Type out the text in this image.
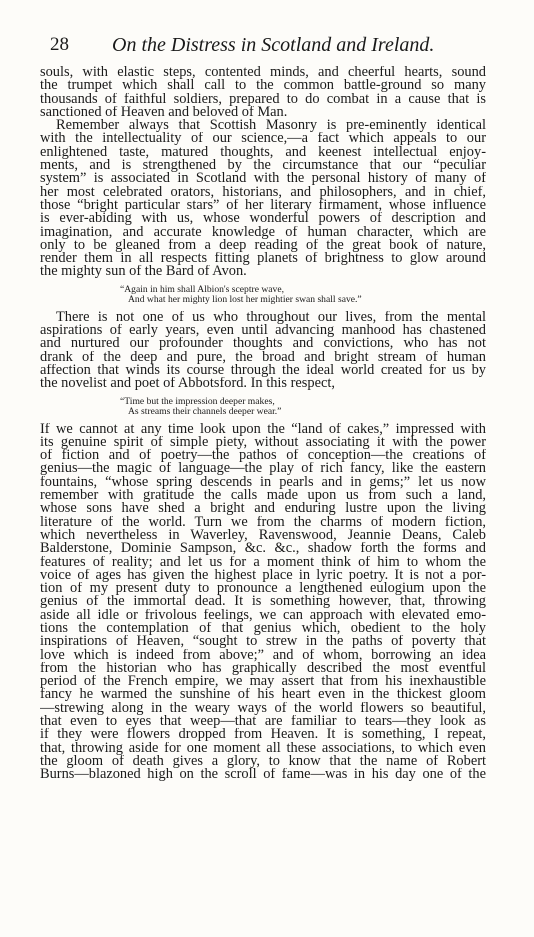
28 On the Distress in Scotland and Ireland.
souls, with elastic steps, contented minds, and cheerful hearts, sound
the trumpet which shall call to the common battle-ground so many
thousands of faithful soldiers, prepared to do combat in a cause that is
sanctioned of Heaven and beloved of Man.
Remember always that Scottish Masonry is pre-eminently identical
with the intellectuality of our science,—a fact which appeals to our
enlightened taste, matured thoughts, and keenest intellectual enjoy-
ments, and is strengthened by the circumstance that our “peculiar
system” is associated in Scotland with the personal history of many of
her most celebrated orators, historians, and philosophers, and in chief,
those “bright particular stars” of her literary firmament, whose influence
is ever-abiding with us, whose wonderful powers of description and
imagination, and accurate knowledge of human character, which are
only to be gleaned from a deep reading of the great book of nature,
render them in all respects fitting planets of brightness to glow around
the mighty sun of the Bard of Avon.
“Again in him shall Albion's sceptre wave,
And what her mighty lion lost her mightier swan shall save.”
There is not one of us who throughout our lives, from the mental
aspirations of early years, even until advancing manhood has chastened
and nurtured our profounder thoughts and convictions, who has not
drank of the deep and pure, the broad and bright stream of human
affection that winds its course through the ideal world created for us by
the novelist and poet of Abbotsford. In this respect,
“Time but the impression deeper makes,
As streams their channels deeper wear.”
If we cannot at any time look upon the “land of cakes,” impressed with
its genuine spirit of simple piety, without associating it with the power
of fiction and of poetry—the pathos of conception—the creations of
genius—the magic of language—the play of rich fancy, like the eastern
fountains, “whose spring descends in pearls and in gems;” let us now
remember with gratitude the calls made upon us from such a land,
whose sons have shed a bright and enduring lustre upon the living
literature of the world. Turn we from the charms of modern fiction,
which nevertheless in Waverley, Ravenswood, Jeannie Deans, Caleb
Balderstone, Dominie Sampson, &c. &c., shadow forth the forms and
features of reality; and let us for a moment think of him to whom the
voice of ages has given the highest place in lyric poetry. It is not a por-
tion of my present duty to pronounce a lengthened eulogium upon the
genius of the immortal dead. It is something however, that, throwing
aside all idle or frivolous feelings, we can approach with elevated emo-
tions the contemplation of that genius which, obedient to the holy
inspirations of Heaven, “sought to strew in the paths of poverty that
love which is indeed from above;” and of whom, borrowing an idea
from the historian who has graphically described the most eventful
period of the French empire, we may assert that from his inexhaustible
fancy he warmed the sunshine of his heart even in the thickest gloom
—strewing along in the weary ways of the world flowers so beautiful,
that even to eyes that weep—that are familiar to tears—they look as
if they were flowers dropped from Heaven. It is something, I repeat,
that, throwing aside for one moment all these associations, to which even
the gloom of death gives a glory, to know that the name of Robert
Burns—blazoned high on the scroll of fame—was in his day one of the
